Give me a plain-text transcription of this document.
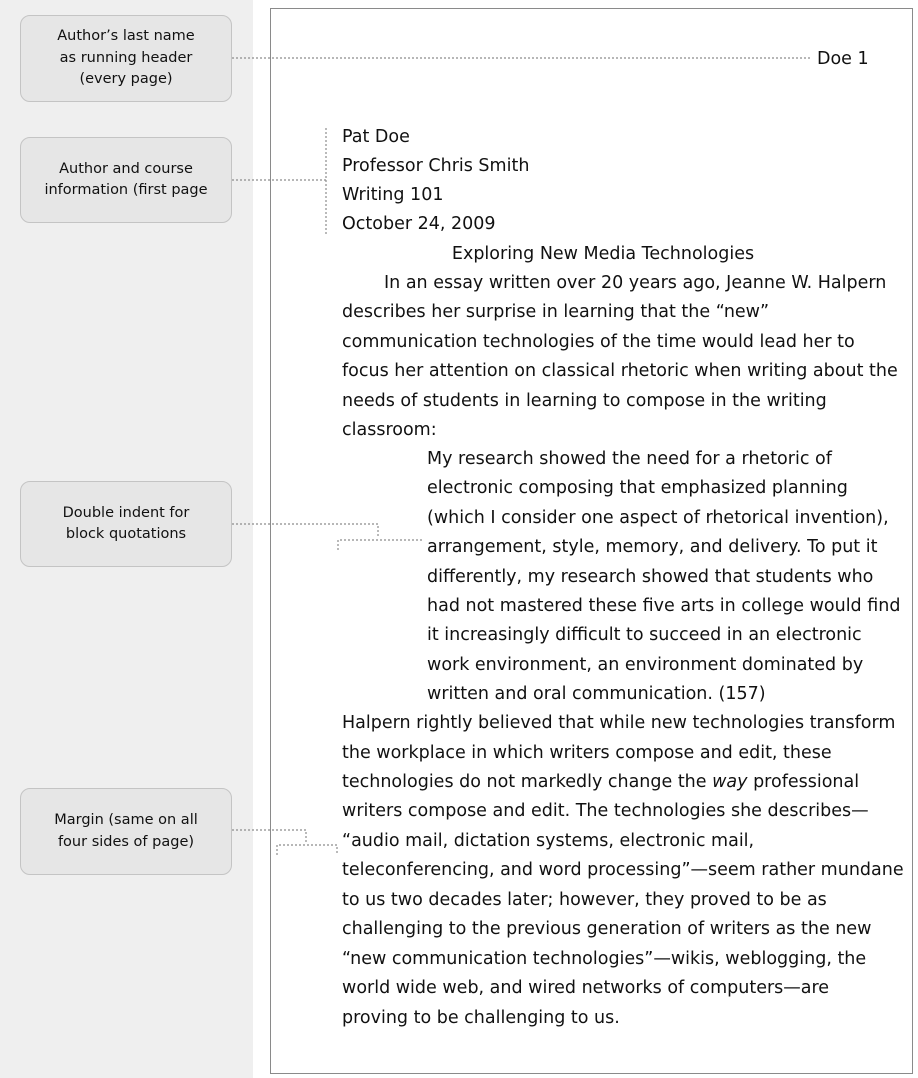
Author’s last name
as running header
(every page)
Author and course
information (first page
Double indent for
block quotations
Margin (same on all
four sides of page)
Doe 1
Pat Doe
Professor Chris Smith
Writing 101
October 24, 2009
Exploring New Media Technologies
In an essay written over 20 years ago, Jeanne W. Halpern
describes her surprise in learning that the “new”
communication technologies of the time would lead her to
focus her attention on classical rhetoric when writing about the
needs of students in learning to compose in the writing
classroom:
My research showed the need for a rhetoric of
electronic composing that emphasized planning
(which I consider one aspect of rhetorical invention),
arrangement, style, memory, and delivery. To put it
differently, my research showed that students who
had not mastered these five arts in college would find
it increasingly difficult to succeed in an electronic
work environment, an environment dominated by
written and oral communication. (157)
Halpern rightly believed that while new technologies transform
the workplace in which writers compose and edit, these
technologies do not markedly change the way professional
writers compose and edit. The technologies she describes—
“audio mail, dictation systems, electronic mail,
teleconferencing, and word processing”—seem rather mundane
to us two decades later; however, they proved to be as
challenging to the previous generation of writers as the new
“new communication technologies”—wikis, weblogging, the
world wide web, and wired networks of computers—are
proving to be challenging to us.
